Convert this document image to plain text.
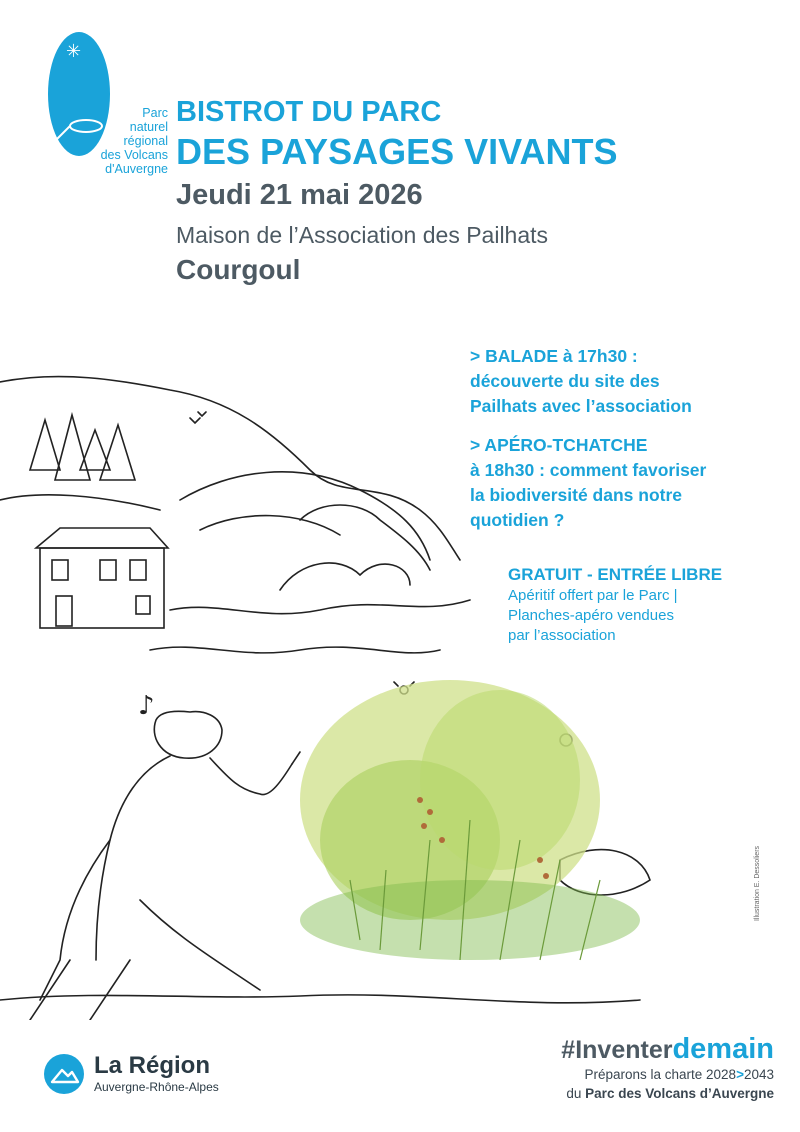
✳
Parc
naturel
régional
des Volcans
d'Auvergne
BISTROT DU PARC
DES PAYSAGES VIVANTS
Jeudi 21 mai 2026
Maison de l’Association des Pailhats
Courgoul
♪
Illustration E. Dessoliers
> BALADE à 17h30 :
découverte du site des
Pailhats avec l’association
> APÉRO-TCHATCHE
à 18h30 : comment favoriser
la biodiversité dans notre
quotidien ?
GRATUIT - ENTRÉE LIBRE
Apéritif offert par le Parc |
Planches-apéro vendues
par l’association
La Région
Auvergne-Rhône-Alpes
#Inventerdemain
Préparons la charte 2028>2043
du Parc des Volcans d’Auvergne
